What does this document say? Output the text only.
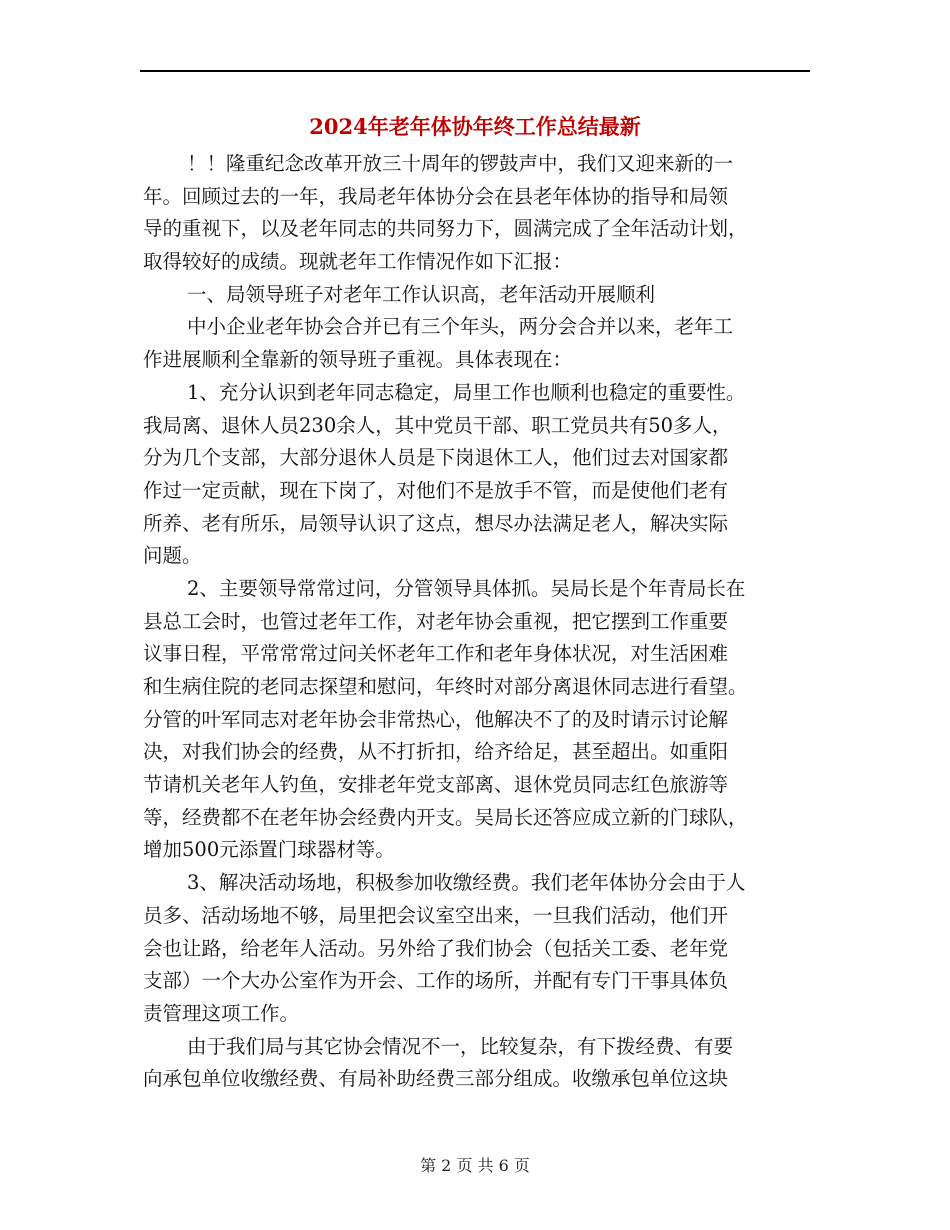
2024年老年体协年终工作总结最新
！！隆重纪念改革开放三十周年的锣鼓声中，我们又迎来新的一
年。回顾过去的一年，我局老年体协分会在县老年体协的指导和局领
导的重视下，以及老年同志的共同努力下，圆满完成了全年活动计划，
取得较好的成绩。现就老年工作情况作如下汇报：
一、局领导班子对老年工作认识高，老年活动开展顺利
中小企业老年协会合并已有三个年头，两分会合并以来，老年工
作进展顺利全靠新的领导班子重视。具体表现在：
1、充分认识到老年同志稳定，局里工作也顺利也稳定的重要性。
我局离、退休人员230余人，其中党员干部、职工党员共有50多人，
分为几个支部，大部分退休人员是下岗退休工人，他们过去对国家都
作过一定贡献，现在下岗了，对他们不是放手不管，而是使他们老有
所养、老有所乐，局领导认识了这点，想尽办法满足老人，解决实际
问题。
2、主要领导常常过问，分管领导具体抓。吴局长是个年青局长在
县总工会时，也管过老年工作，对老年协会重视，把它摆到工作重要
议事日程，平常常常过问关怀老年工作和老年身体状况，对生活困难
和生病住院的老同志探望和慰问，年终时对部分离退休同志进行看望。
分管的叶军同志对老年协会非常热心，他解决不了的及时请示讨论解
决，对我们协会的经费，从不打折扣，给齐给足，甚至超出。如重阳
节请机关老年人钓鱼，安排老年党支部离、退休党员同志红色旅游等
等，经费都不在老年协会经费内开支。吴局长还答应成立新的门球队，
增加500元添置门球器材等。
3、解决活动场地，积极参加收缴经费。我们老年体协分会由于人
员多、活动场地不够，局里把会议室空出来，一旦我们活动，他们开
会也让路，给老年人活动。另外给了我们协会（包括关工委、老年党
支部）一个大办公室作为开会、工作的场所，并配有专门干事具体负
责管理这项工作。
由于我们局与其它协会情况不一，比较复杂，有下拨经费、有要
向承包单位收缴经费、有局补助经费三部分组成。收缴承包单位这块
第 2 页 共 6 页
